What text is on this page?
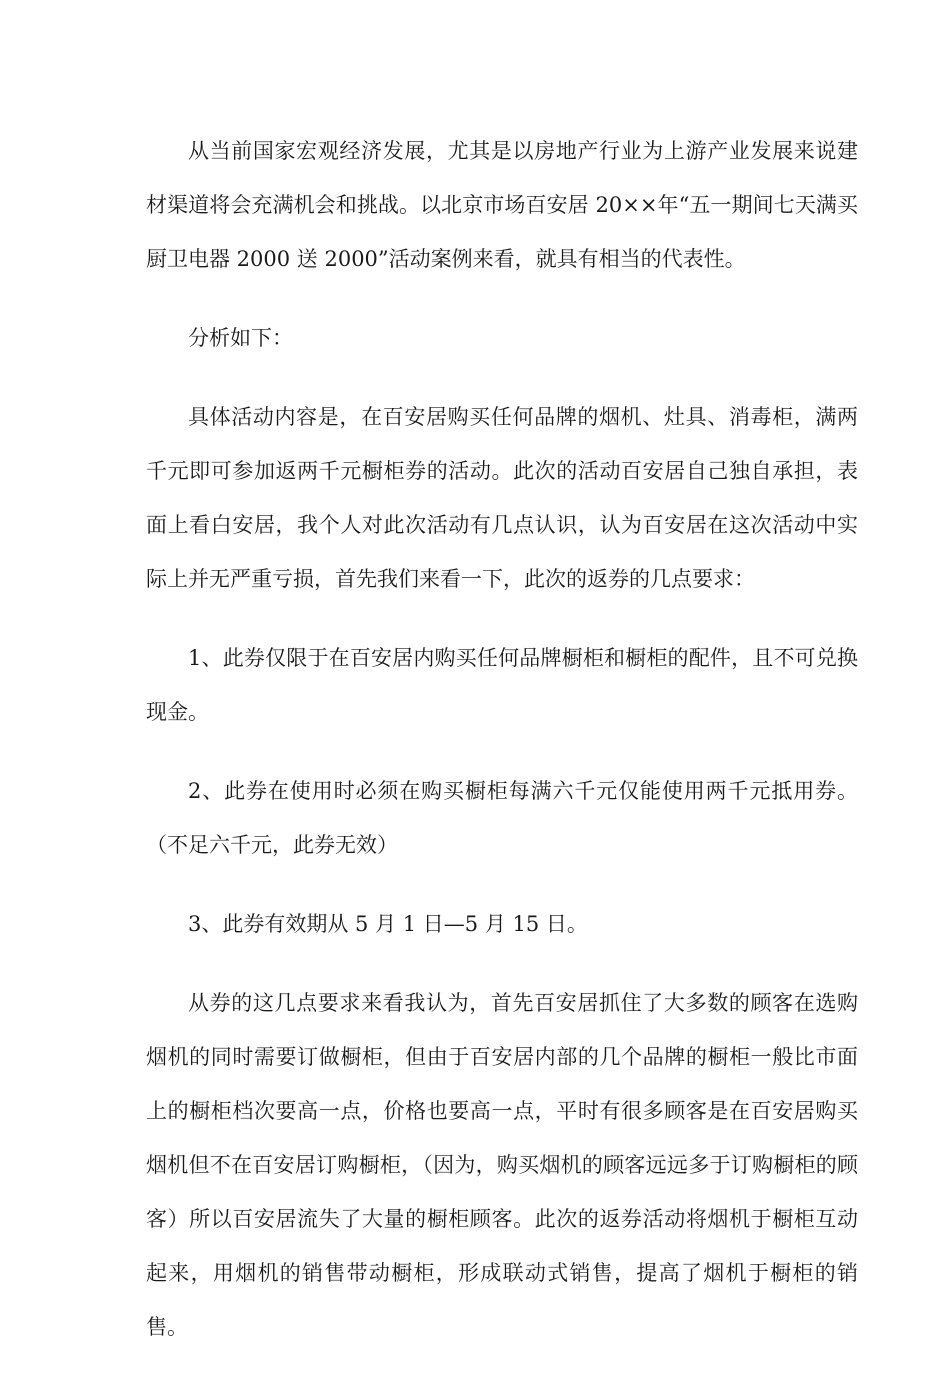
从当前国家宏观经济发展，尤其是以房地产行业为上游产业发展来说建材渠道将会充满机会和挑战。以北京市场百安居 20××年“五一期间七天满买厨卫电器 2000 送 2000”活动案例来看，就具有相当的代表性。

分析如下：

具体活动内容是，在百安居购买任何品牌的烟机、灶具、消毒柜，满两千元即可参加返两千元橱柜券的活动。此次的活动百安居自己独自承担，表面上看白安居，我个人对此次活动有几点认识，认为百安居在这次活动中实际上并无严重亏损，首先我们来看一下，此次的返券的几点要求：

1、此券仅限于在百安居内购买任何品牌橱柜和橱柜的配件，且不可兑换现金。

2、此券在使用时必须在购买橱柜每满六千元仅能使用两千元抵用券。（不足六千元，此券无效）

3、此券有效期从 5 月 1 日—5 月 15 日。

从券的这几点要求来看我认为，首先百安居抓住了大多数的顾客在选购烟机的同时需要订做橱柜，但由于百安居内部的几个品牌的橱柜一般比市面上的橱柜档次要高一点，价格也要高一点，平时有很多顾客是在百安居购买烟机但不在百安居订购橱柜，（因为，购买烟机的顾客远远多于订购橱柜的顾客）所以百安居流失了大量的橱柜顾客。此次的返券活动将烟机于橱柜互动起来，用烟机的销售带动橱柜，形成联动式销售，提高了烟机于橱柜的销售。
